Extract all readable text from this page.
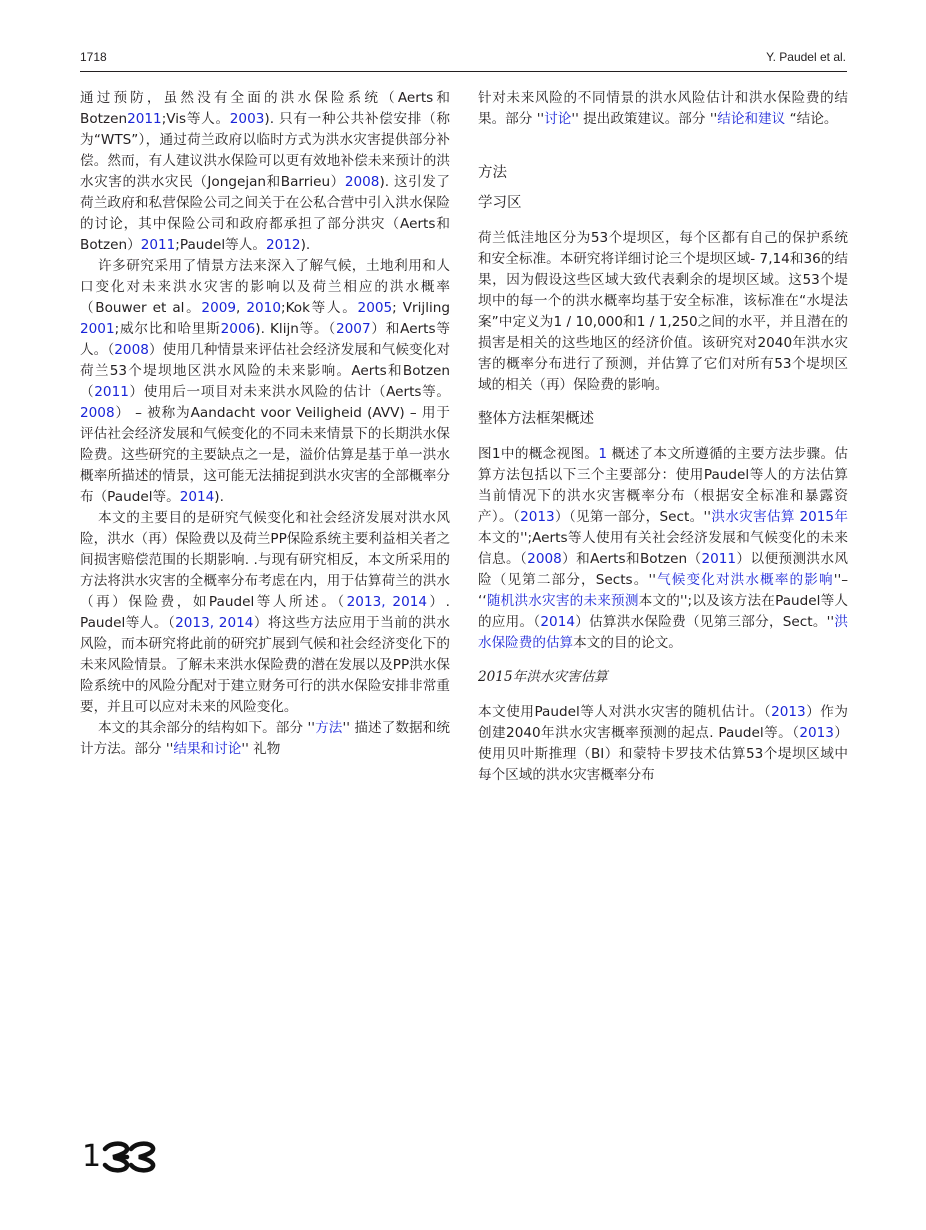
1718	Y. Paudel et al.

通过预防，虽然没有全面的洪水保险系统（Aerts和Botzen2011;Vis等人。2003). 只有一种公共补偿安排（称为“WTS”），通过荷兰政府以临时方式为洪水灾害提供部分补偿。然而，有人建议洪水保险可以更有效地补偿未来预计的洪水灾害的洪水灾民（Jongejan和Barrieu）2008). 这引发了荷兰政府和私营保险公司之间关于在公私合营中引入洪水保险的讨论，其中保险公司和政府都承担了部分洪灾（Aerts和Botzen）2011;Paudel等人。2012).

许多研究采用了情景方法来深入了解气候，土地利用和人口变化对未来洪水灾害的影响以及荷兰相应的洪水概率（Bouwer et al。2009, 2010;Kok等人。2005; Vrijling 2001;威尔比和哈里斯2006). Klijn等。（2007）和Aerts等人。（2008）使用几种情景来评估社会经济发展和气候变化对荷兰53个堤坝地区洪水风险的未来影响。Aerts和Botzen（2011）使用后一项目对未来洪水风险的估计（Aerts等。2008） – 被称为Aandacht voor Veiligheid (AVV) – 用于评估社会经济发展和气候变化的不同未来情景下的长期洪水保险费。这些研究的主要缺点之一是，溢价估算是基于单一洪水概率所描述的情景，这可能无法捕捉到洪水灾害的全部概率分布（Paudel等。2014).

本文的主要目的是研究气候变化和社会经济发展对洪水风险，洪水（再）保险费以及荷兰PP保险系统主要利益相关者之间损害赔偿范围的长期影响. .与现有研究相反，本文所采用的方法将洪水灾害的全概率分布考虑在内，用于估算荷兰的洪水（再）保险费，如Paudel等人所述。（2013, 2014）. Paudel等人。（2013, 2014）将这些方法应用于当前的洪水风险，而本研究将此前的研究扩展到气候和社会经济变化下的未来风险情景。了解未来洪水保险费的潜在发展以及PP洪水保险系统中的风险分配对于建立财务可行的洪水保险安排非常重要，并且可以应对未来的风险变化。

本文的其余部分的结构如下。部分 ''方法'' 描述了数据和统计方法。部分 ''结果和讨论'' 礼物

针对未来风险的不同情景的洪水风险估计和洪水保险费的结果。部分 ''讨论'' 提出政策建议。部分 ''结论和建议 “结论。

方法
学习区

荷兰低洼地区分为53个堤坝区，每个区都有自己的保护系统和安全标准。本研究将详细讨论三个堤坝区域- 7,14和36的结果，因为假设这些区域大致代表剩余的堤坝区域。这53个堤坝中的每一个的洪水概率均基于安全标准，该标准在“水堤法案”中定义为1 / 10,000和1 / 1,250之间的水平，并且潜在的损害是相关的这些地区的经济价值。该研究对2040年洪水灾害的概率分布进行了预测，并估算了它们对所有53个堤坝区域的相关（再）保险费的影响。

整体方法框架概述

图1中的概念视图。1 概述了本文所遵循的主要方法步骤。估算方法包括以下三个主要部分：使用Paudel等人的方法估算当前情况下的洪水灾害概率分布（根据安全标准和暴露资产）。（2013）（见第一部分，Sect。''洪水灾害估算 2015年本文的'';Aerts等人使用有关社会经济发展和气候变化的未来信息。（2008）和Aerts和Botzen（2011）以便预测洪水风险（见第二部分，Sects。''气候变化对洪水概率的影响''– ‘‘随机洪水灾害的未来预测本文的'';以及该方法在Paudel等人的应用。（2014）估算洪水保险费（见第三部分，Sect。''洪水保险费的估算本文的目的论文。

2015年洪水灾害估算

本文使用Paudel等人对洪水灾害的随机估计。（2013）作为创建2040年洪水灾害概率预测的起点. Paudel等。（2013）使用贝叶斯推理（BI）和蒙特卡罗技术估算53个堤坝区域中每个区域的洪水灾害概率分布

1
